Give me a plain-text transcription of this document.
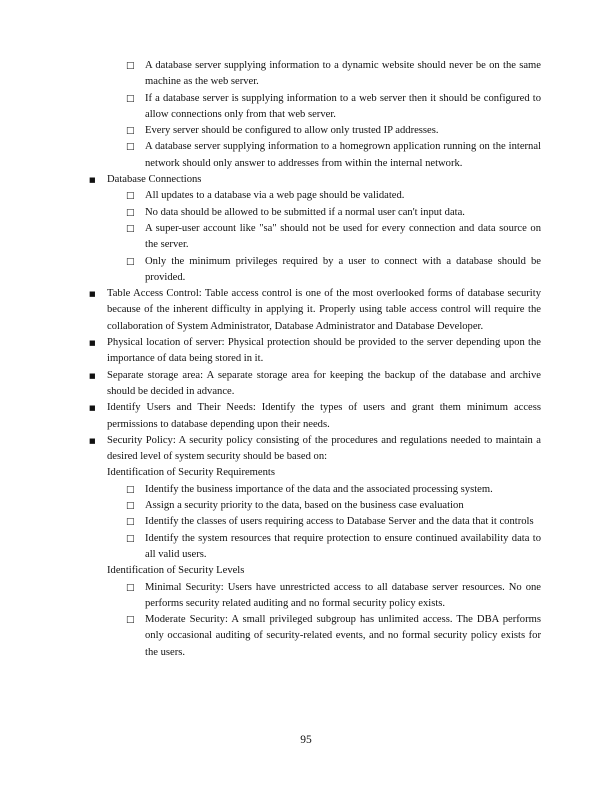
□ A database server supplying information to a dynamic website should never be on the same machine as the web server.
□ If a database server is supplying information to a web server then it should be configured to allow connections only from that web server.
□ Every server should be configured to allow only trusted IP addresses.
□ A database server supplying information to a homegrown application running on the internal network should only answer to addresses from within the internal network.
■ Database Connections
□ All updates to a database via a web page should be validated.
□ No data should be allowed to be submitted if a normal user can't input data.
□ A super-user account like "sa" should not be used for every connection and data source on the server.
□ Only the minimum privileges required by a user to connect with a database should be provided.
■ Table Access Control: Table access control is one of the most overlooked forms of database security because of the inherent difficulty in applying it. Properly using table access control will require the collaboration of System Administrator, Database Administrator and Database Developer.
■ Physical location of server: Physical protection should be provided to the server depending upon the importance of data being stored in it.
■ Separate storage area: A separate storage area for keeping the backup of the database and archive should be decided in advance.
■ Identify Users and Their Needs: Identify the types of users and grant them minimum access permissions to database depending upon their needs.
■ Security Policy: A security policy consisting of the procedures and regulations needed to maintain a desired level of system security should be based on:
Identification of Security Requirements
□ Identify the business importance of the data and the associated processing system.
□ Assign a security priority to the data, based on the business case evaluation
□ Identify the classes of users requiring access to Database Server and the data that it controls
□ Identify the system resources that require protection to ensure continued availability data to all valid users.
Identification of Security Levels
□ Minimal Security: Users have unrestricted access to all database server resources. No one performs security related auditing and no formal security policy exists.
□ Moderate Security: A small privileged subgroup has unlimited access. The DBA performs only occasional auditing of security-related events, and no formal security policy exists for the users.
95
